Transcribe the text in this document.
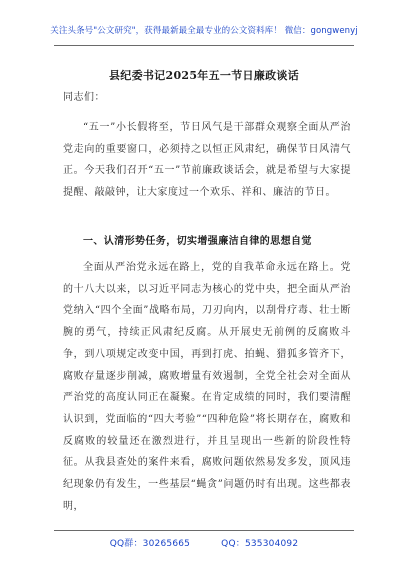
关注头条号"公文研究"，获得最新最全最专业的公文资料库！ 微信：gongwenyj
县纪委书记2025年五一节日廉政谈话
同志们：
“五一”小长假将至，节日风气是干部群众观察全面从严治党走向的重要窗口，必须持之以恒正风肃纪，确保节日风清气正。今天我们召开“五一”节前廉政谈话会，就是希望与大家提提醒、敲敲钟，让大家度过一个欢乐、祥和、廉洁的节日。
一、认清形势任务，切实增强廉洁自律的思想自觉
全面从严治党永远在路上，党的自我革命永远在路上。党的十八大以来，以习近平同志为核心的党中央，把全面从严治党纳入“四个全面”战略布局，刀刃向内，以刮骨疗毒、壮士断腕的勇气，持续正风肃纪反腐。从开展史无前例的反腐败斗争，到八项规定改变中国，再到打虎、拍蝇、猎狐多管齐下，腐败存量逐步削减，腐败增量有效遏制，全党全社会对全面从严治党的高度认同正在凝聚。在肯定成绩的同时，我们要清醒认识到，党面临的“四大考验”“四种危险”将长期存在，腐败和反腐败的较量还在激烈进行，并且呈现出一些新的阶段性特征。从我县查处的案件来看，腐败问题依然易发多发，顶风违纪现象仍有发生，一些基层“蝇贪”问题仍时有出现。这些都表明，
QQ群：30265665	QQ：535304092
